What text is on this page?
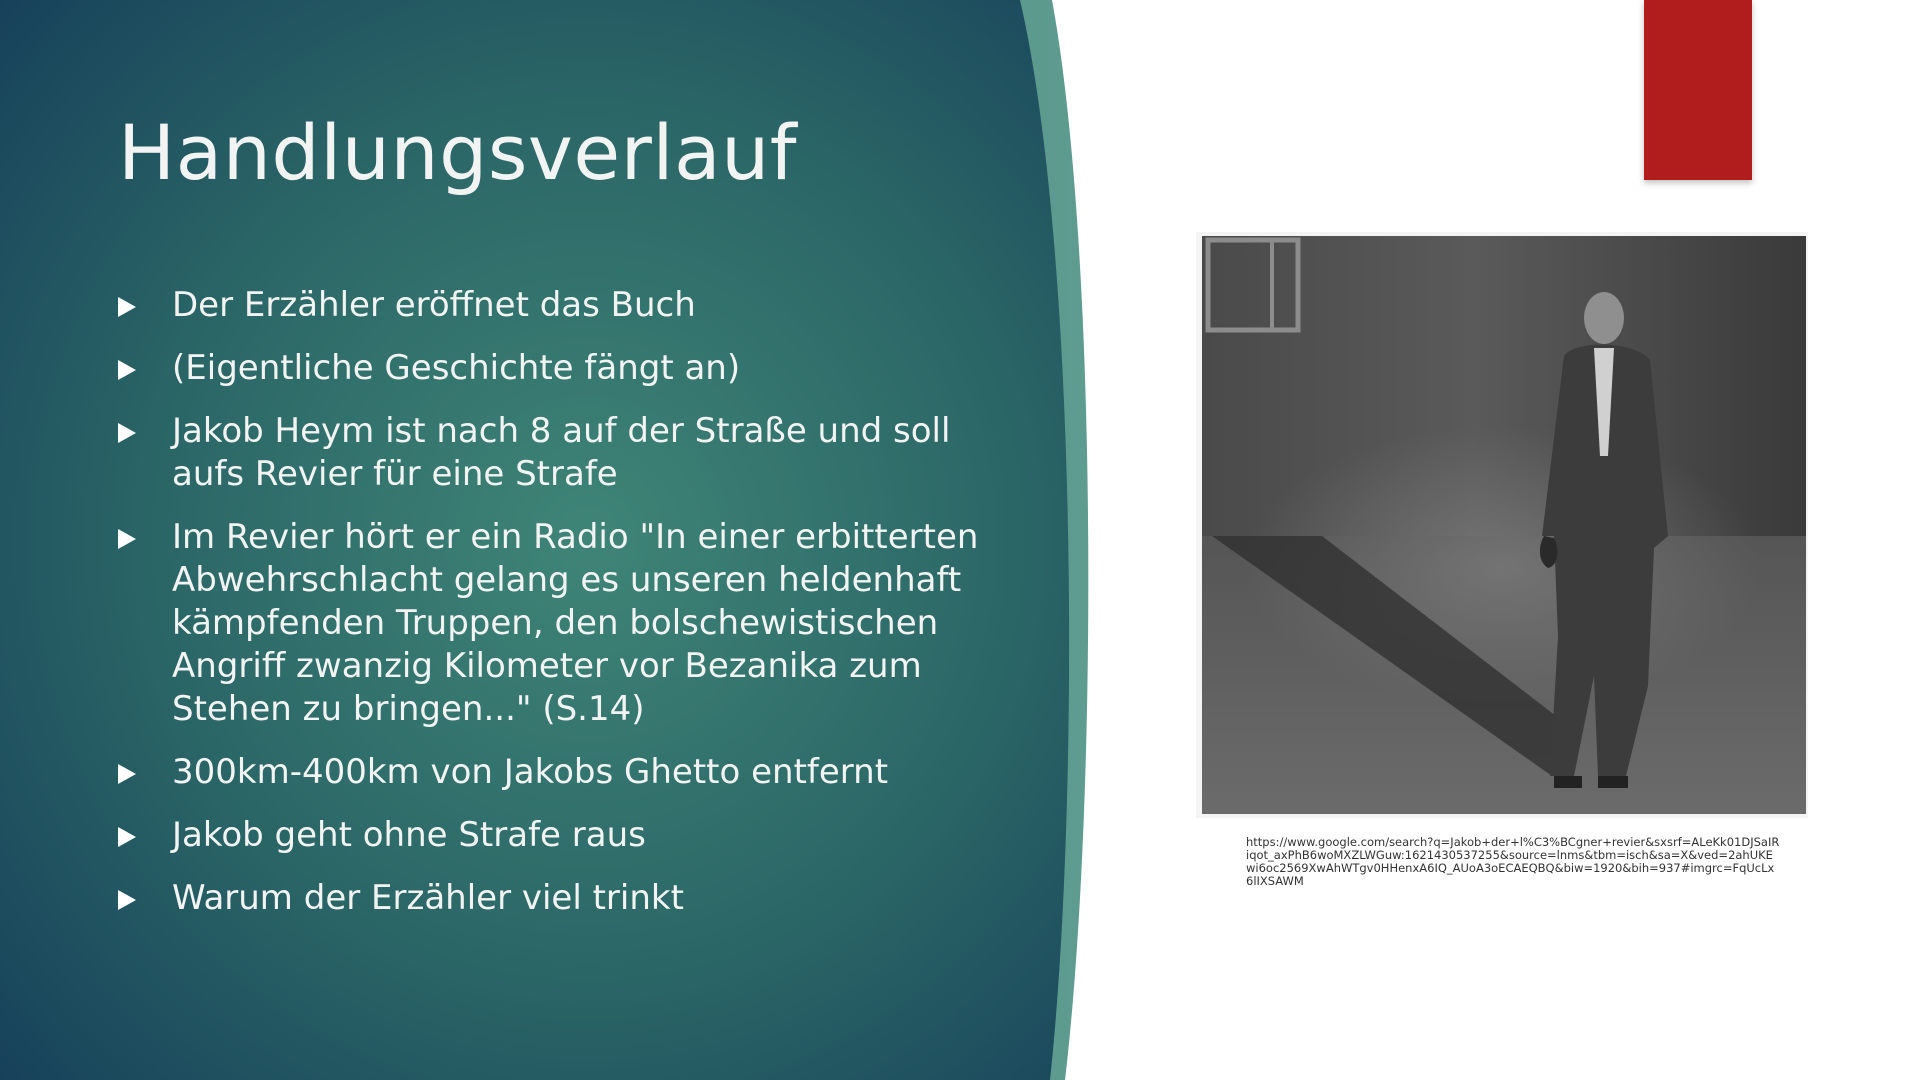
Handlungsverlauf
Der Erzähler eröffnet das Buch
(Eigentliche Geschichte fängt an)
Jakob Heym ist nach 8 auf der Straße und soll aufs Revier für eine Strafe
Im Revier hört er ein Radio "In einer erbitterten Abwehrschlacht gelang es unseren heldenhaft kämpfenden Truppen, den bolschewistischen Angriff zwanzig Kilometer vor Bezanika zum Stehen zu bringen..." (S.14)
300km-400km von Jakobs Ghetto entfernt
Jakob geht ohne Strafe raus
Warum der Erzähler viel trinkt

https://www.google.com/search?q=Jakob+der+l%C3%BCgner+revier&sxsrf=ALeKk01DJSaIRiqot_axPhB6woMXZLWGuw:1621430537255&source=lnms&tbm=isch&sa=X&ved=2ahUKEwi6oc2569XwAhWTgv0HHenxA6IQ_AUoA3oECAEQBQ&biw=1920&bih=937#imgrc=FqUcLx6lIXSAWM
